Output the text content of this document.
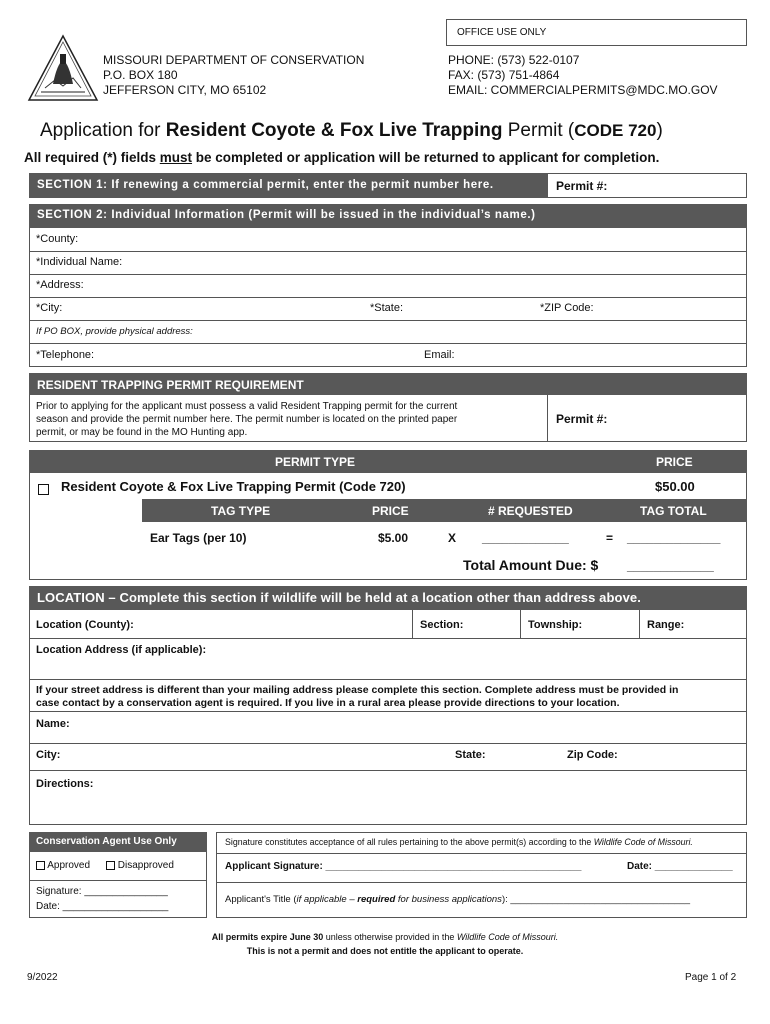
MISSOURI DEPARTMENT OF CONSERVATION
P.O. BOX 180
JEFFERSON CITY, MO 65102
OFFICE USE ONLY
PHONE: (573) 522-0107
FAX: (573) 751-4864
EMAIL: COMMERCIALPERMITS@MDC.MO.GOV
Application for Resident Coyote & Fox Live Trapping Permit (CODE 720)
All required (*) fields must be completed or application will be returned to applicant for completion.
SECTION 1: If renewing a commercial permit, enter the permit number here.	Permit #:
SECTION 2: Individual Information (Permit will be issued in the individual’s name.)
*County:
*Individual Name:
*Address:
*City:	*State:	*ZIP Code:
If PO BOX, provide physical address:
*Telephone:	Email:
RESIDENT TRAPPING PERMIT REQUIREMENT
Prior to applying for the applicant must possess a valid Resident Trapping permit for the current
season and provide the permit number here. The permit number is located on the printed paper
permit, or may be found in the MO Hunting app.
Permit #:
PERMIT TYPE	PRICE
Resident Coyote & Fox Live Trapping Permit (Code 720)	$50.00
TAG TYPE	PRICE	# REQUESTED	TAG TOTAL
Ear Tags (per 10)	$5.00	X _____________	= ______________
Total Amount Due: $ _____________
LOCATION – Complete this section if wildlife will be held at a location other than address above.
Location (County):	Section:	Township:	Range:
Location Address (if applicable):
If your street address is different than your mailing address please complete this section. Complete address must be provided in
case contact by a conservation agent is required. If you live in a rural area please provide directions to your location.
Name:
City:	State:	Zip Code:
Directions:
Conservation Agent Use Only
Approved	Disapproved
Signature: _______________
Date: ___________________
Signature constitutes acceptance of all rules pertaining to the above permit(s) according to the Wildlife Code of Missouri.
Applicant Signature: ______________________________________________	Date: ______________
Applicant's Title (if applicable – required for business applications): __________________________________
All permits expire June 30 unless otherwise provided in the Wildlife Code of Missouri.
This is not a permit and does not entitle the applicant to operate.
9/2022	Page 1 of 2
